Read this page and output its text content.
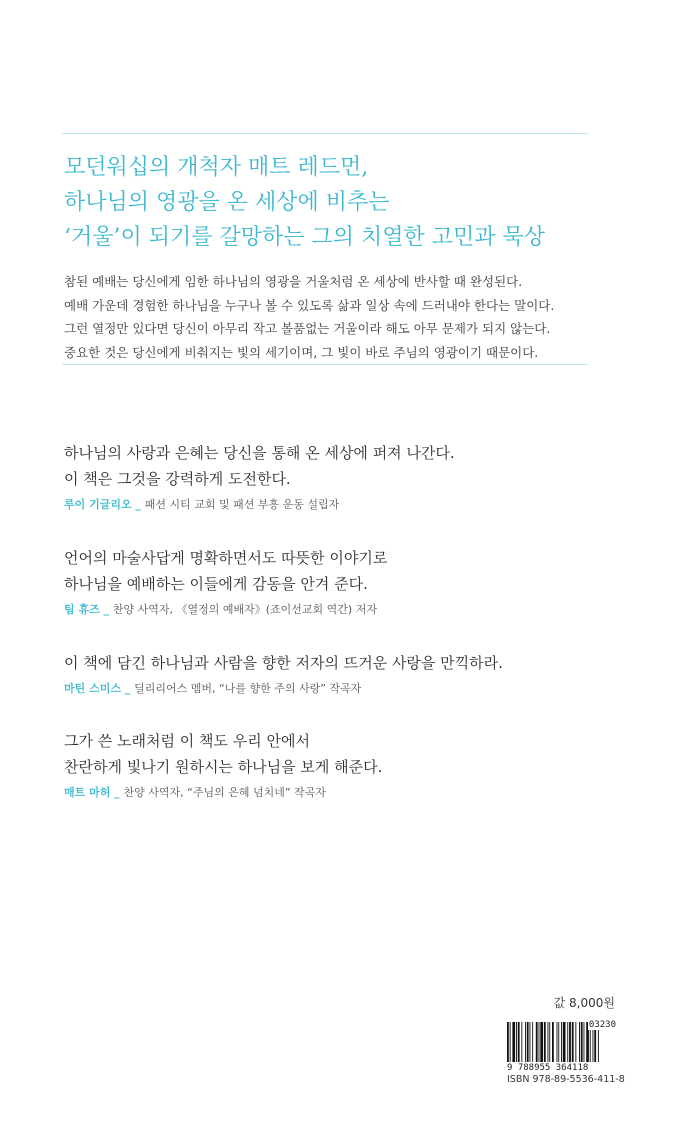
모던워십의 개척자 매트 레드먼,
하나님의 영광을 온 세상에 비추는
‘거울’이 되기를 갈망하는 그의 치열한 고민과 묵상
참된 예배는 당신에게 임한 하나님의 영광을 거울처럼 온 세상에 반사할 때 완성된다.
예배 가운데 경험한 하나님을 누구나 볼 수 있도록 삶과 일상 속에 드러내야 한다는 말이다.
그런 열정만 있다면 당신이 아무리 작고 볼품없는 거울이라 해도 아무 문제가 되지 않는다.
중요한 것은 당신에게 비춰지는 빛의 세기이며, 그 빛이 바로 주님의 영광이기 때문이다.
하나님의 사랑과 은혜는 당신을 통해 온 세상에 퍼져 나간다.
이 책은 그것을 강력하게 도전한다.
루이 기글리오 _ 패션 시티 교회 및 패션 부흥 운동 설립자
언어의 마술사답게 명확하면서도 따뜻한 이야기로
하나님을 예배하는 이들에게 감동을 안겨 준다.
팀 휴즈 _ 찬양 사역자, 《열정의 예배자》(죠이선교회 역간) 저자
이 책에 담긴 하나님과 사람을 향한 저자의 뜨거운 사랑을 만끽하라.
마틴 스미스 _ 딜리리어스 멤버, “나를 향한 주의 사랑” 작곡자
그가 쓴 노래처럼 이 책도 우리 안에서
찬란하게 빛나기 원하시는 하나님을 보게 해준다.
매트 마허 _ 찬양 사역자, “주님의 은혜 넘치네” 작곡자
값 8,000원
03230
9 788955 364118
ISBN 978-89-5536-411-8
